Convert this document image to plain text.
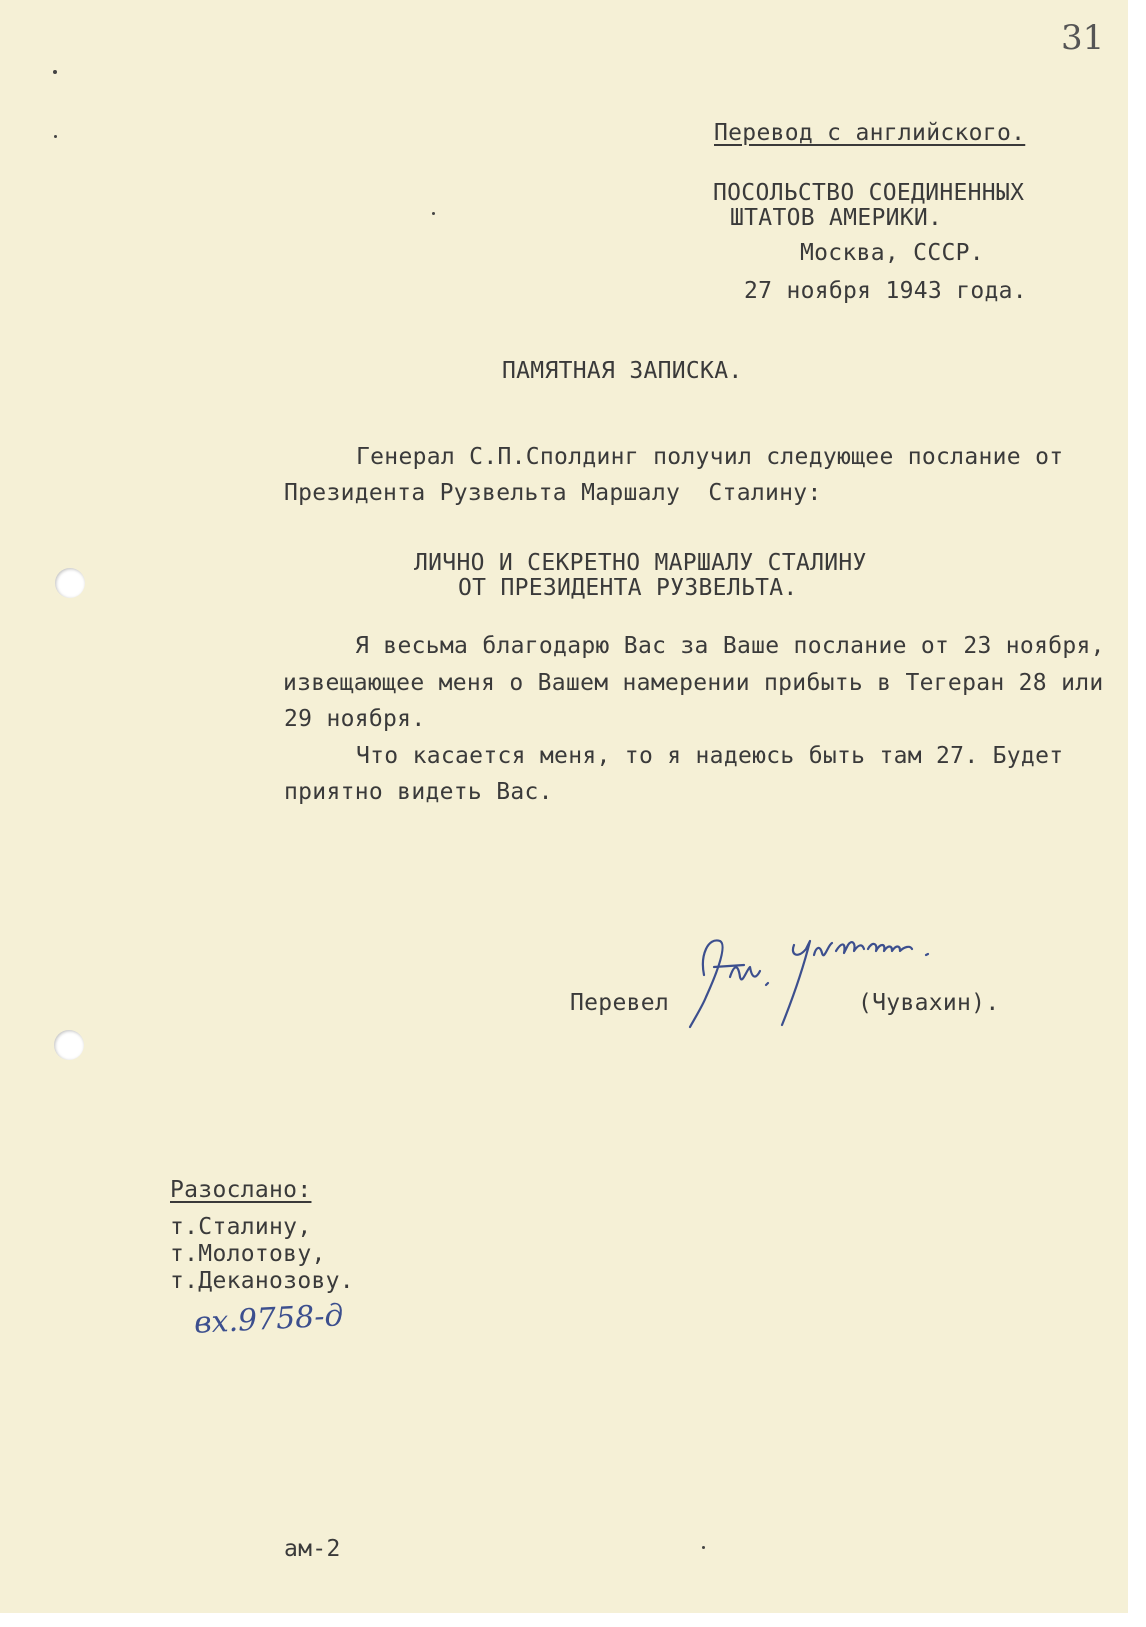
31
Перевод с английского.
ПОСОЛЬСТВО СОЕДИНЕННЫХ
ШТАТОВ АМЕРИКИ.
Москва, СССР.
27 ноября 1943 года.
ПАМЯТНАЯ ЗАПИСКА.
Генерал С.П.Сполдинг получил следующее послание от
Президента Рузвельта Маршалу  Сталину:
ЛИЧНО И СЕКРЕТНО МАРШАЛУ СТАЛИНУ
ОТ ПРЕЗИДЕНТА РУЗВЕЛЬТА.
Я весьма благодарю Вас за Ваше послание от 23 ноября,
извещающее меня о Вашем намерении прибыть в Тегеран 28 или
29 ноября.
Что касается меня, то я надеюсь быть там 27. Будет
приятно видеть Вас.
Перевел	(Чувахин).
Разослано:
т.Сталину,
т.Молотову,
т.Деканозову.
вх.9758-д
ам-2
